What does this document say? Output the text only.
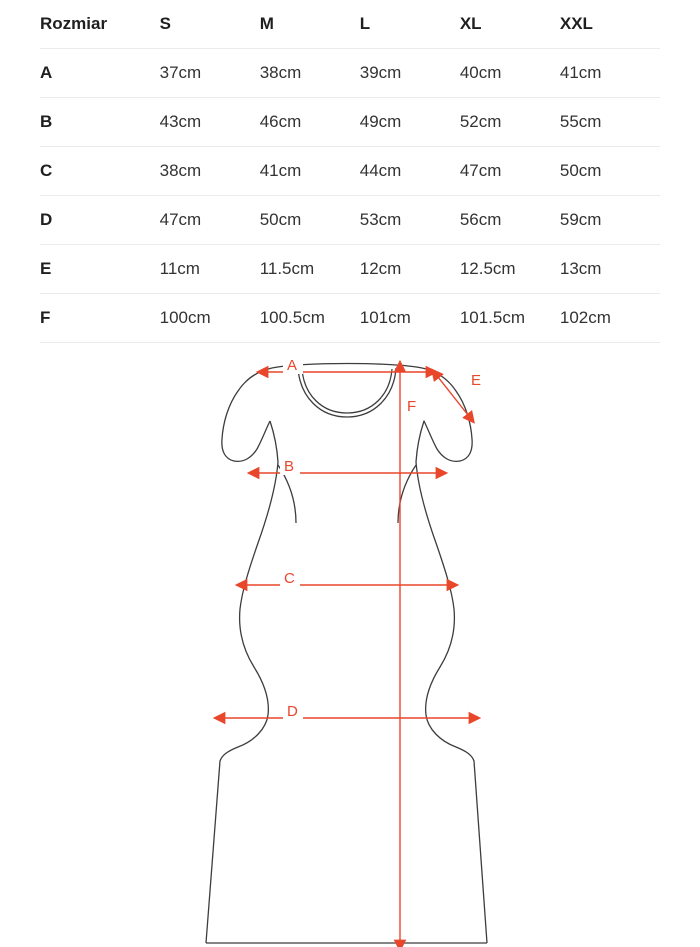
Rozmiar	S	M	L	XL	XXL
A	37cm	38cm	39cm	40cm	41cm
B	43cm	46cm	49cm	52cm	55cm
C	38cm	41cm	44cm	47cm	50cm
D	47cm	50cm	53cm	56cm	59cm
E	11cm	11.5cm	12cm	12.5cm	13cm
F	100cm	100.5cm	101cm	101.5cm	102cm
A
B
C
D
E
F
